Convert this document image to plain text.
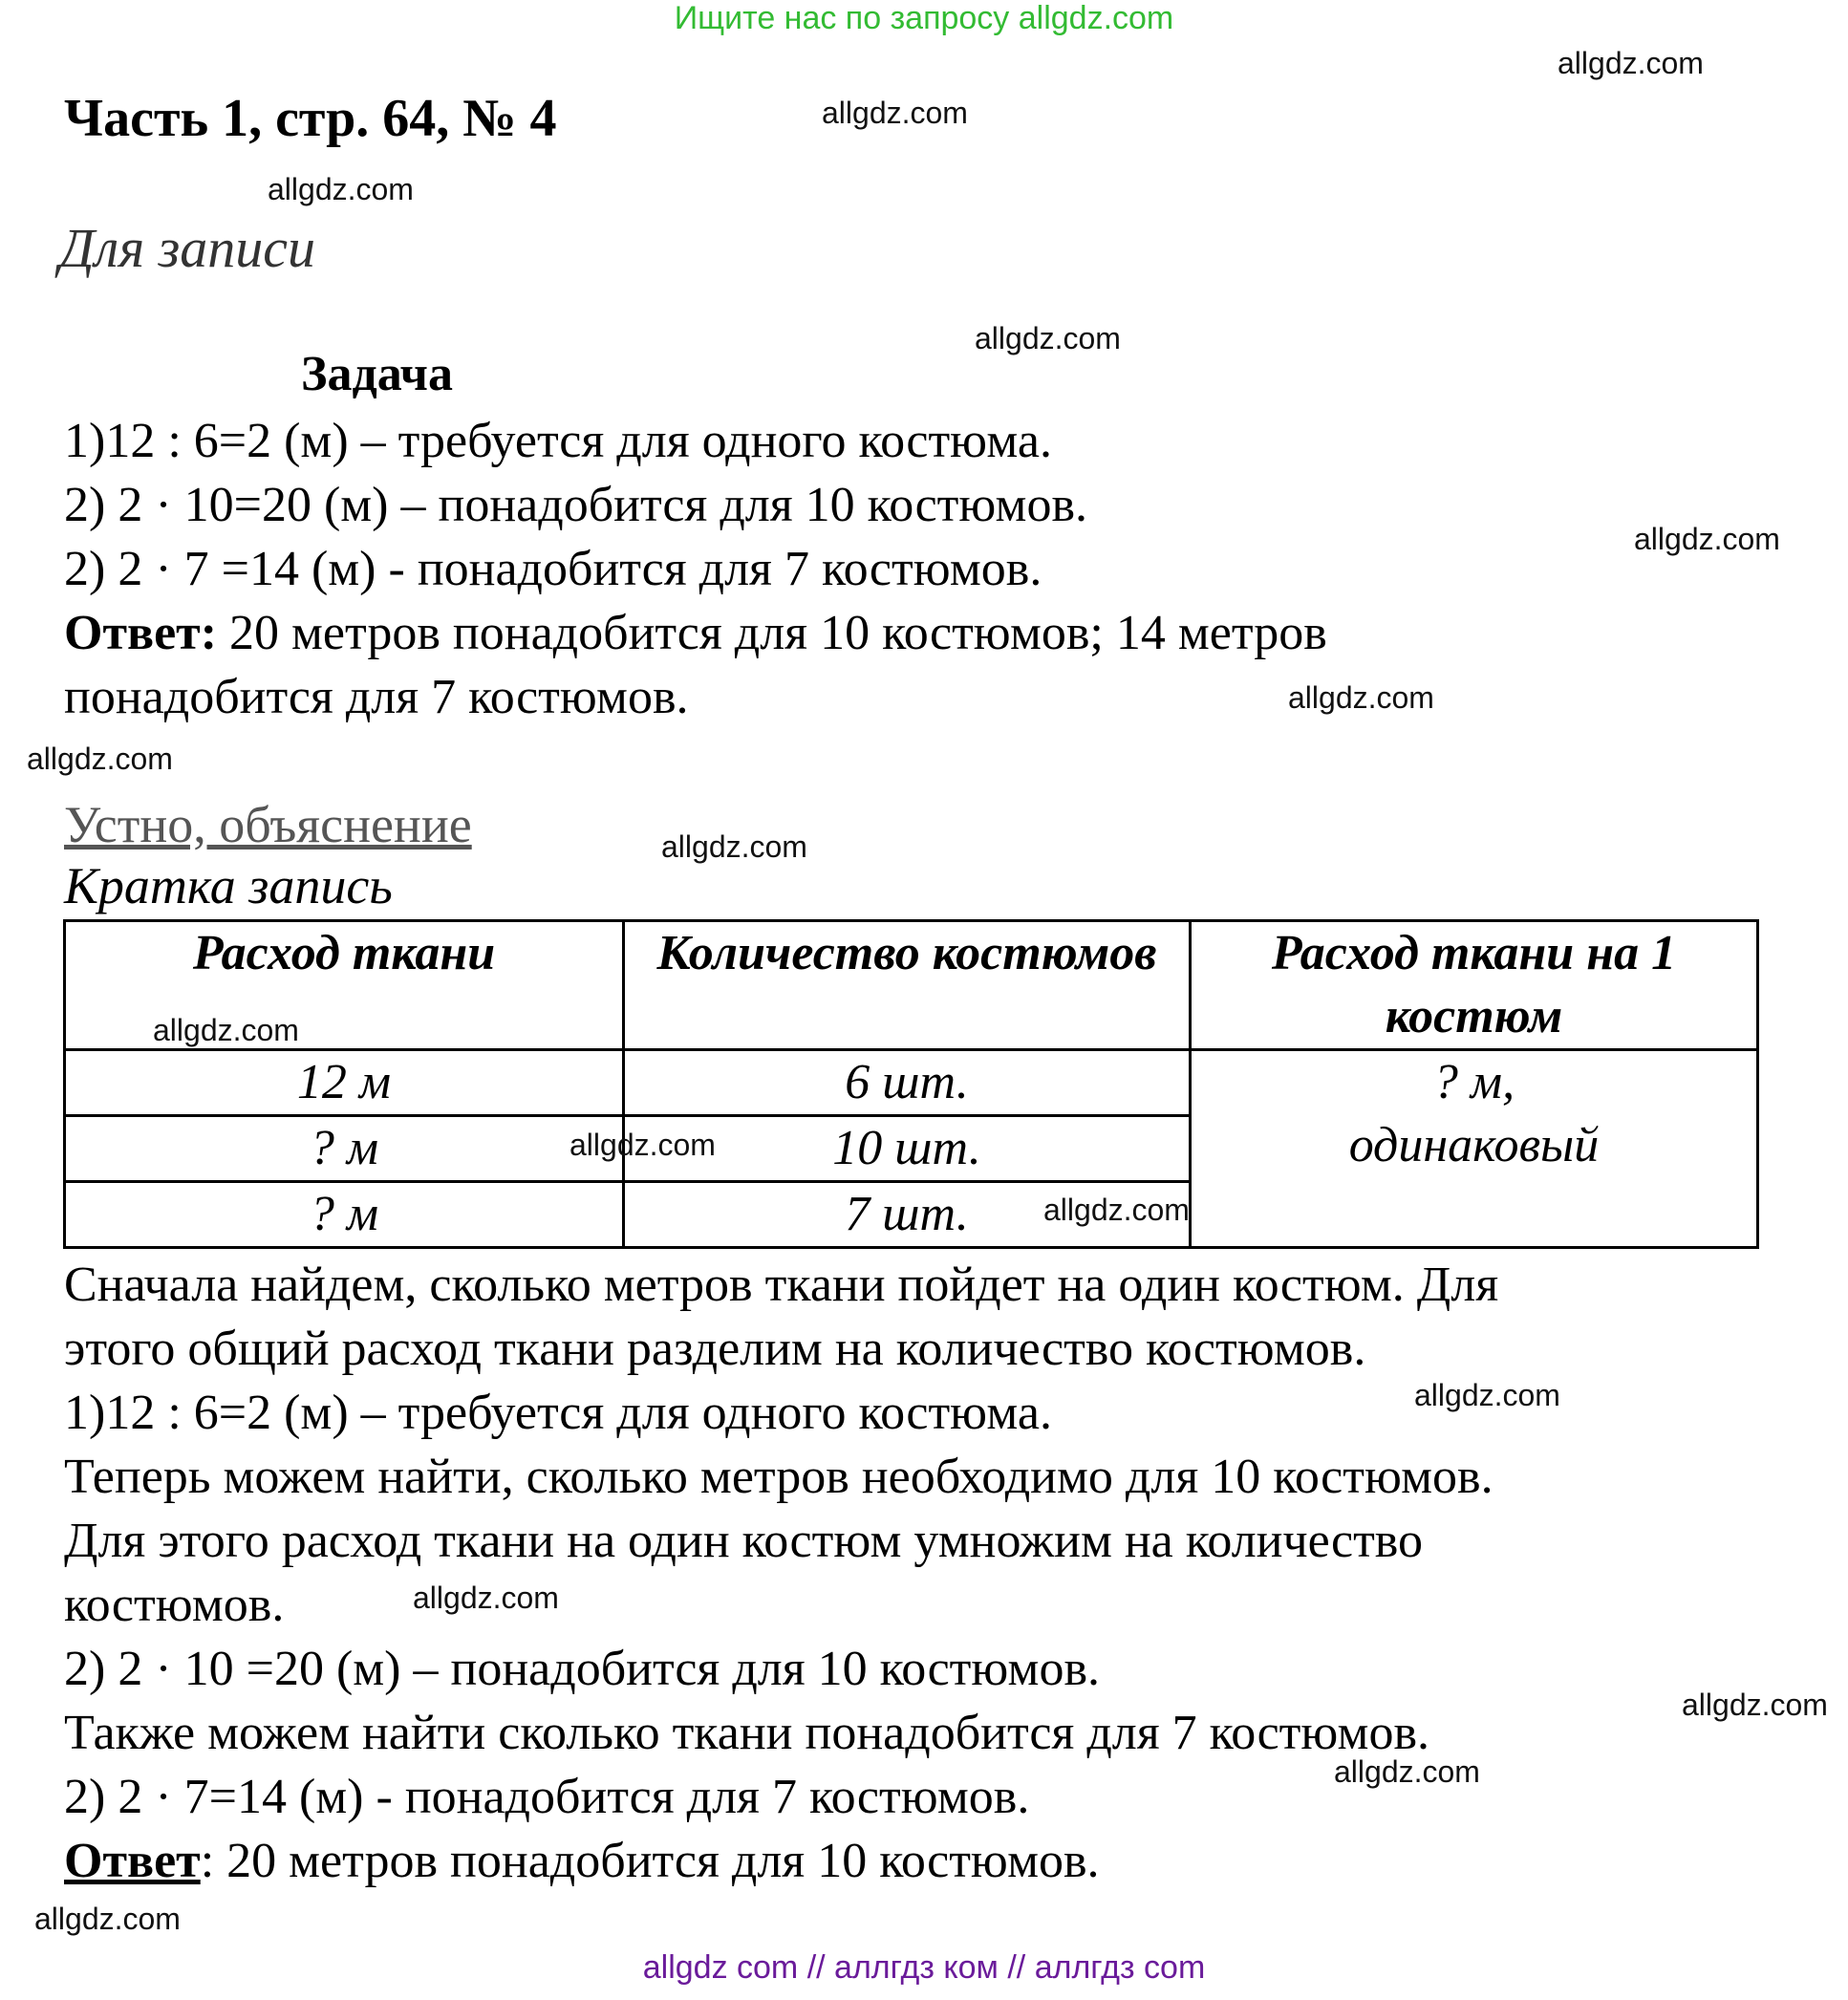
Ищите нас по запросу allgdz.com
Часть 1, стр. 64, № 4
Для записи
Задача
1)12 : 6=2 (м) – требуется для одного костюма.
2) 2 · 10=20 (м) – понадобится для 10 костюмов.
2) 2 · 7 =14 (м) - понадобится для 7 костюмов.
Ответ: 20 метров понадобится для 10 костюмов; 14 метров
понадобится для 7 костюмов.
Устно, объяснение
Кратка запись
Расход ткани	Количество костюмов	Расход ткани на 1 костюм
12 м	6 шт.	? м,
одинаковый

? м	10 шт.	
? м	7 шт.	
Сначала найдем, сколько метров ткани пойдет на один костюм. Для
этого общий расход ткани разделим на количество костюмов.
1)12 : 6=2 (м) – требуется для одного костюма.
Теперь можем найти, сколько метров необходимо для 10 костюмов.
Для этого расход ткани на один костюм умножим на количество
костюмов.
2) 2 · 10 =20 (м) – понадобится для 10 костюмов.
Также можем найти сколько ткани понадобится для 7 костюмов.
2) 2 · 7=14 (м) - понадобится для 7 костюмов.
Ответ: 20 метров понадобится для 10 костюмов.
allgdz.com
allgdz.com
allgdz.com
allgdz.com
allgdz.com
allgdz.com
allgdz.com
allgdz.com
allgdz.com
allgdz.com
allgdz.com
allgdz.com
allgdz.com
allgdz.com
allgdz.com
allgdz.com
allgdz com // аллгдз ком // аллгдз com
